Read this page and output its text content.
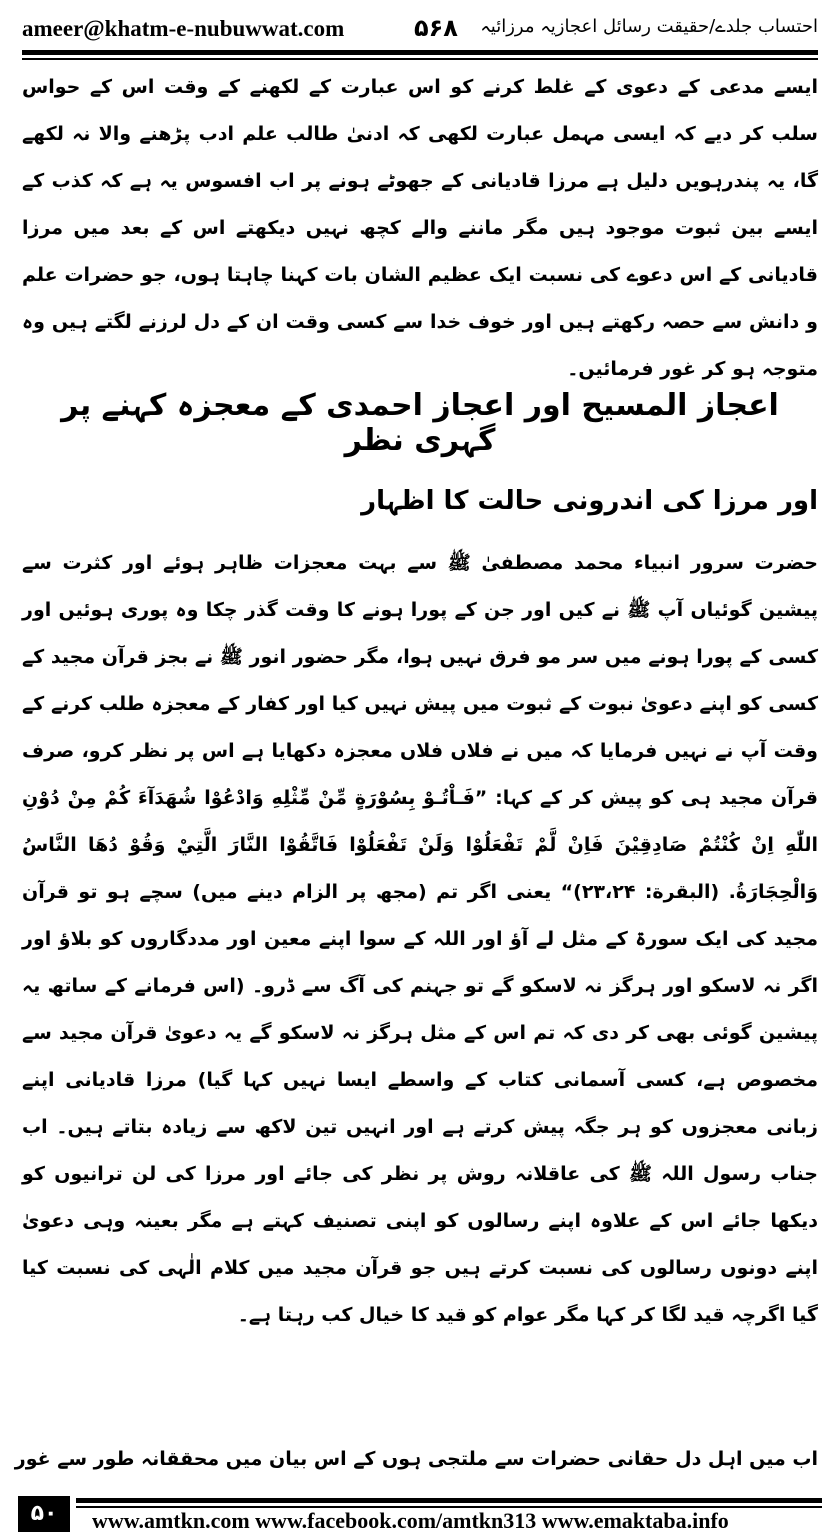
ameer@khatm-e-nubuwwat.com	۵۶۸ احتساب جلدے/حقیقت رسائل اعجازیہ مرزائیہ

ایسے مدعی کے دعوی کے غلط کرنے کو اس عبارت کے لکھنے کے وقت اس کے حواس سلب کر دیے کہ ایسی مہمل عبارت لکھی کہ ادنیٰ طالب علم ادب پڑھنے والا نہ لکھے گا، یہ پندرہویں دلیل ہے مرزا قادیانی کے جھوٹے ہونے پر اب افسوس یہ ہے کہ کذب کے ایسے بین ثبوت موجود ہیں مگر ماننے والے کچھ نہیں دیکھتے اس کے بعد میں مرزا قادیانی کے اس دعوے کی نسبت ایک عظیم الشان بات کہنا چاہتا ہوں، جو حضرات علم و دانش سے حصہ رکھتے ہیں اور خوف خدا سے کسی وقت ان کے دل لرزنے لگتے ہیں وہ متوجہ ہو کر غور فرمائیں۔

اعجاز المسیح اور اعجاز احمدی کے معجزہ کہنے پر گہری نظر
اور مرزا کی اندرونی حالت کا اظہار

حضرت سرور انبیاء محمد مصطفیٰ ﷺ سے بہت معجزات ظاہر ہوئے اور کثرت سے پیشین گوئیاں آپ ﷺ نے کیں اور جن کے پورا ہونے کا وقت گذر چکا وہ پوری ہوئیں اور کسی کے پورا ہونے میں سر مو فرق نہیں ہوا، مگر حضور انور ﷺ نے بجز قرآن مجید کے کسی کو اپنے دعویٰ نبوت کے ثبوت میں پیش نہیں کیا اور کفار کے معجزہ طلب کرنے کے وقت آپ نے نہیں فرمایا کہ میں نے فلاں فلاں معجزہ دکھایا ہے اس پر نظر کرو، صرف قرآن مجید ہی کو پیش کر کے کہا: ”فَـاْتُـوْ بِسُوْرَةٍ مِّنْ مِّثْلِهِ وَادْعُوْا شُهَدَآءَ كُمْ مِنْ دُوْنِ اللّٰهِ اِنْ كُنْتُمْ صَادِقِيْنَ فَاِنْ لَّمْ تَفْعَلُوْا وَلَنْ تَفْعَلُوْا فَاتَّقُوْا النَّارَ الَّتِيْ وَقُوْ دُهَا النَّاسُ وَالْحِجَارَةُ. (البقرة: ۲۳،۲۴)“ یعنی اگر تم (مجھ پر الزام دینے میں) سچے ہو تو قرآن مجید کی ایک سورۃ کے مثل لے آؤ اور اللہ کے سوا اپنے معین اور مددگاروں کو بلاؤ اور اگر نہ لاسکو اور ہرگز نہ لاسکو گے تو جہنم کی آگ سے ڈرو۔ (اس فرمانے کے ساتھ یہ پیشین گوئی بھی کر دی کہ تم اس کے مثل ہرگز نہ لاسکو گے یہ دعویٰ قرآن مجید سے مخصوص ہے، کسی آسمانی کتاب کے واسطے ایسا نہیں کہا گیا) مرزا قادیانی اپنے زبانی معجزوں کو ہر جگہ پیش کرتے ہے اور انہیں تین لاکھ سے زیادہ بتاتے ہیں۔ اب جناب رسول اللہ ﷺ کی عاقلانہ روش پر نظر کی جائے اور مرزا کی لن ترانیوں کو دیکھا جائے اس کے علاوہ اپنے رسالوں کو اپنی تصنیف کہتے ہے مگر بعینہ وہی دعویٰ اپنے دونوں رسالوں کی نسبت کرتے ہیں جو قرآن مجید میں کلام الٰہی کی نسبت کیا گیا اگرچہ قید لگا کر کہا مگر عوام کو قید کا خیال کب رہتا ہے۔

اب میں اہل دل حقانی حضرات سے ملتجی ہوں کے اس بیان میں محققانہ طور سے غور
۵۰	www.amtkn.com www.facebook.com/amtkn313 www.emaktaba.info
